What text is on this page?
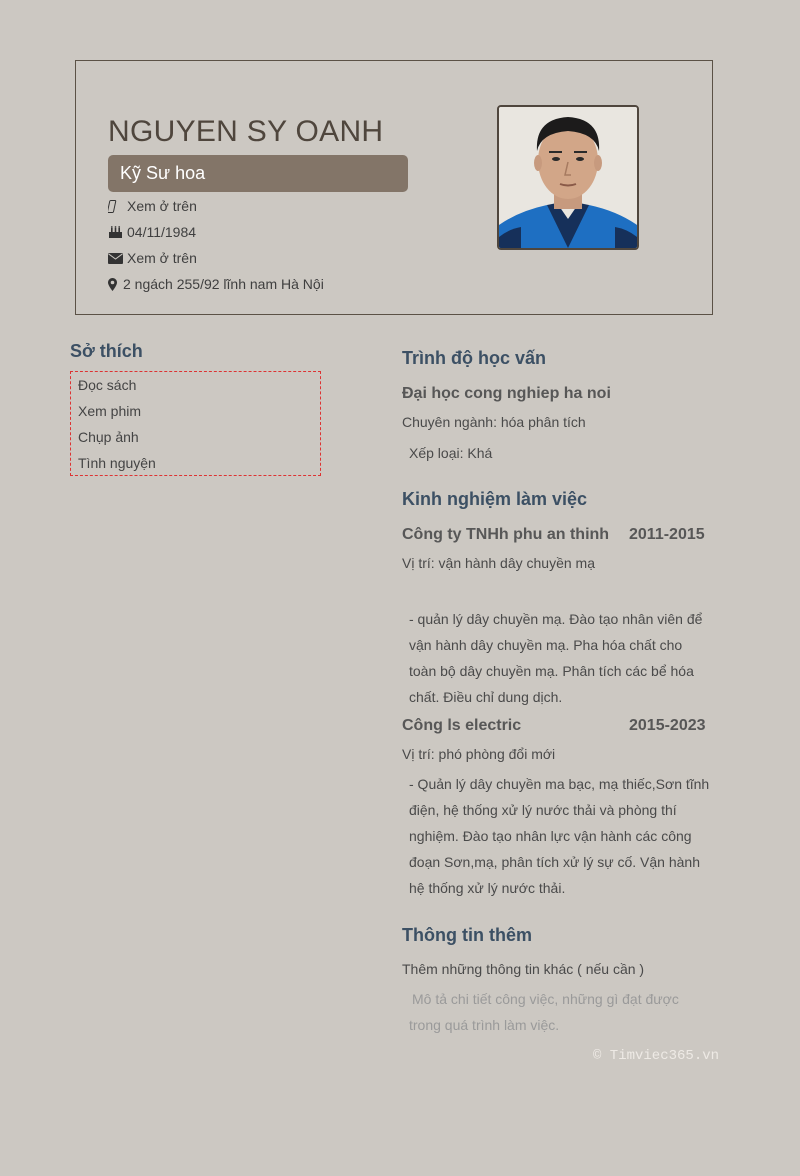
NGUYEN SY OANH
Kỹ Sư hoa
Xem ở trên
04/11/1984
Xem ở trên
2 ngách 255/92 lĩnh nam Hà Nội
Sở thích
Đọc sách
Xem phim
Chụp ảnh
Tình nguyện
Trình độ học vấn
Đại học cong nghiep ha noi
Chuyên ngành: hóa phân tích
Xếp loại: Khá
Kinh nghiệm làm việc
Công ty TNHh phu an thinh 2011-2015
Vị trí: vận hành dây chuyền mạ
- quản lý dây chuyền mạ. Đào tạo nhân viên để
vận hành dây chuyền mạ. Pha hóa chất cho
toàn bộ dây chuyền mạ. Phân tích các bể hóa
chất. Điều chỉ dung dịch.
Công ls electric	2015-2023
Vị trí: phó phòng đổi mới
- Quản lý dây chuyền ma bạc, mạ thiếc,Sơn tĩnh
điện, hệ thống xử lý nước thải và phòng thí
nghiệm. Đào tạo nhân lực vận hành các công
đoạn Sơn,mạ, phân tích xử lý sự cố. Vận hành
hệ thống xử lý nước thải.
Thông tin thêm
Thêm những thông tin khác ( nếu cần )
Mô tả chi tiết công việc, những gì đạt được
trong quá trình làm việc.
© Timviec365.vn
